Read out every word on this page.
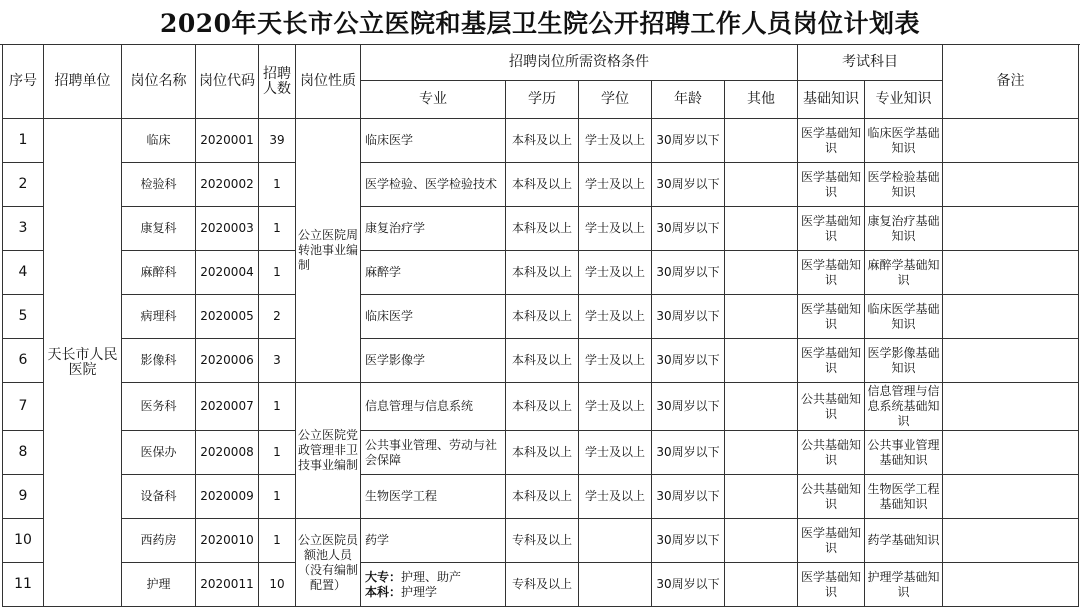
2020年天长市公立医院和基层卫生院公开招聘工作人员岗位计划表
序号	招聘单位	岗位名称	岗位代码	招聘人数	岗位性质	招聘岗位所需资格条件					考试科目		备注
						专业	学历	学位	年龄	其他	基础知识	专业知识	
1	天长市人民医院	临床	2020001	39	公立医院周转池事业编制	临床医学	本科及以上	学士及以上	30周岁以下		医学基础知识	临床医学基础知识	
2		检验科	2020002	1		医学检验、医学检验技术	本科及以上	学士及以上	30周岁以下		医学基础知识	医学检验基础知识	
3		康复科	2020003	1		康复治疗学	本科及以上	学士及以上	30周岁以下		医学基础知识	康复治疗基础知识	
4		麻醉科	2020004	1		麻醉学	本科及以上	学士及以上	30周岁以下		医学基础知识	麻醉学基础知识	
5		病理科	2020005	2		临床医学	本科及以上	学士及以上	30周岁以下		医学基础知识	临床医学基础知识	
6		影像科	2020006	3		医学影像学	本科及以上	学士及以上	30周岁以下		医学基础知识	医学影像基础知识	
7		医务科	2020007	1	公立医院党政管理非卫技事业编制	信息管理与信息系统	本科及以上	学士及以上	30周岁以下		公共基础知识	信息管理与信息系统基础知识	
8		医保办	2020008	1		公共事业管理、劳动与社会保障	本科及以上	学士及以上	30周岁以下		公共基础知识	公共事业管理基础知识	
9		设备科	2020009	1		生物医学工程	本科及以上	学士及以上	30周岁以下		公共基础知识	生物医学工程基础知识	
10		西药房	2020010	1	公立医院员额池人员（没有编制配置）	药学	专科及以上		30周岁以下		医学基础知识	药学基础知识	
11		护理	2020011	10		大专：护理、助产
本科：护理学	专科及以上		30周岁以下		医学基础知识	护理学基础知识	
